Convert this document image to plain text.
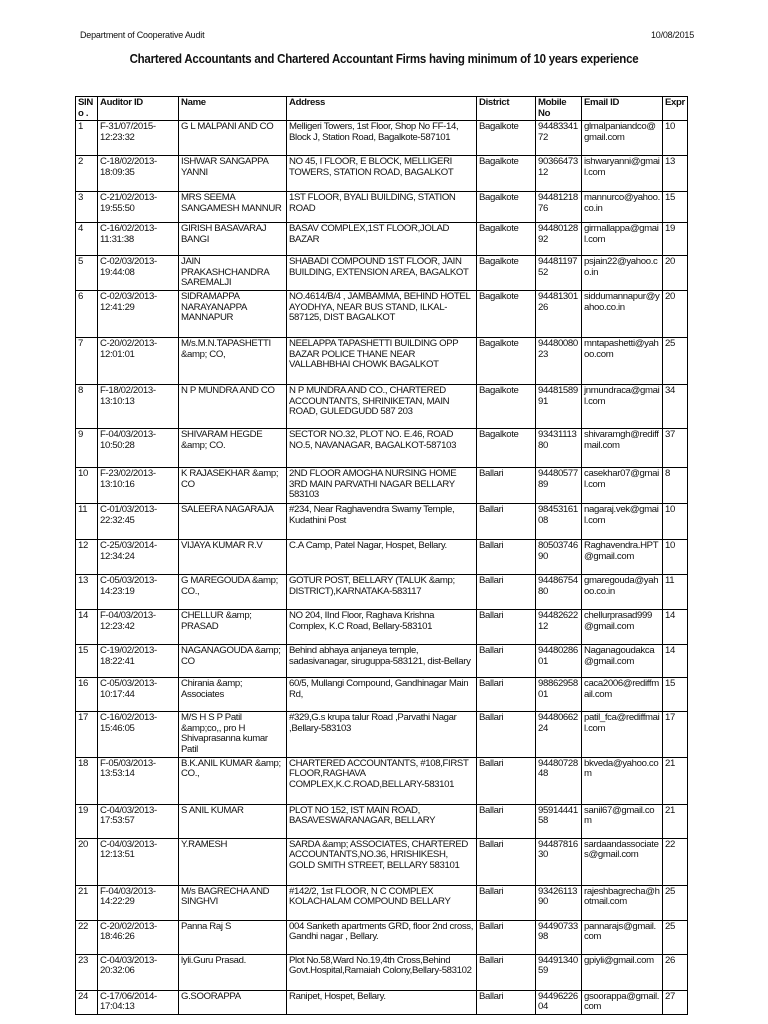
Department of Cooperative Audit	10/08/2015
Chartered Accountants and Chartered Accountant Firms having minimum of 10 years experience
SlNo .	Auditor ID	Name	Address	District	Mobile No	Email ID	Expr
1	F-31/07/2015-12:23:32	G L MALPANI AND CO	Melligeri Towers, 1st Floor, Shop No FF-14, Block J, Station Road, Bagalkote-587101	Bagalkote	9448334172	glmalpaniandco@gmail.com	10
2	C-18/02/2013-18:09:35	ISHWAR SANGAPPA YANNI	NO 45, I FLOOR, E BLOCK, MELLIGERI TOWERS, STATION ROAD, BAGALKOT	Bagalkote	9036647312	ishwaryanni@gmail.com	13
3	C-21/02/2013-19:55:50	MRS SEEMA SANGAMESH MANNUR	1ST FLOOR, BYALI BUILDING, STATION ROAD	Bagalkote	9448121876	mannurco@yahoo.co.in	15
4	C-16/02/2013-11:31:38	GIRISH BASAVARAJ BANGI	BASAV COMPLEX,1ST FLOOR,JOLAD BAZAR	Bagalkote	9448012892	girmallappa@gmail.com	19
5	C-02/03/2013-19:44:08	JAIN PRAKASHCHANDRA SAREMALJI	SHABADI COMPOUND 1ST FLOOR, JAIN BUILDING, EXTENSION AREA, BAGALKOT	Bagalkote	9448119752	psjain22@yahoo.co.in	20
6	C-02/03/2013-12:41:29	SIDRAMAPPA NARAYANAPPA MANNAPUR	NO.4614/B/4 , JAMBAMMA, BEHIND HOTEL AYODHYA, NEAR BUS STAND, ILKAL-587125, DIST BAGALKOT	Bagalkote	9448130126	siddumannapur@yahoo.co.in	20
7	C-20/02/2013-12:01:01	M/s.M.N.TAPASHETTI &amp; CO,	NEELAPPA TAPASHETTI BUILDING OPP BAZAR POLICE THANE NEAR VALLABHBHAI CHOWK BAGALKOT	Bagalkote	9448008023	mntapashetti@yahoo.com	25
8	F-18/02/2013-13:10:13	N P MUNDRA AND CO	N P MUNDRA AND CO., CHARTERED ACCOUNTANTS, SHRINIKETAN, MAIN ROAD, GULEDGUDD 587 203	Bagalkote	9448158991	jnmundraca@gmail.com	34
9	F-04/03/2013-10:50:28	SHIVARAM HEGDE &amp; CO.	SECTOR NO.32, PLOT NO. E.46, ROAD NO.5, NAVANAGAR, BAGALKOT-587103	Bagalkote	9343111380	shivaramgh@rediffmail.com	37
10	F-23/02/2013-13:10:16	K RAJASEKHAR &amp; CO	2ND FLOOR AMOGHA NURSING HOME 3RD MAIN PARVATHI NAGAR BELLARY 583103	Ballari	9448057789	casekhar07@gmail.com	8
11	C-01/03/2013-22:32:45	SALEERA NAGARAJA	#234, Near Raghavendra Swamy Temple, Kudathini Post	Ballari	9845316108	nagaraj.vek@gmail.com	10
12	C-25/03/2014-12:34:24	VIJAYA KUMAR R.V	C.A Camp, Patel Nagar, Hospet, Bellary.	Ballari	8050374690	Raghavendra.HPT@gmail.com	10
13	C-05/03/2013-14:23:19	G MAREGOUDA &amp; CO.,	GOTUR POST, BELLARY (TALUK &amp; DISTRICT),KARNATAKA-583117	Ballari	9448675480	gmaregouda@yahoo.co.in	11
14	F-04/03/2013-12:23:42	CHELLUR &amp; PRASAD	NO 204, IInd Floor, Raghava Krishna Complex, K.C Road, Bellary-583101	Ballari	9448262212	chellurprasad999@gmail.com	14
15	C-19/02/2013-18:22:41	NAGANAGOUDA &amp; CO	Behind abhaya anjaneya temple, sadasivanagar, siruguppa-583121, dist-Bellary	Ballari	9448028601	Naganagoudakca@gmail.com	14
16	C-05/03/2013-10:17:44	Chirania &amp; Associates	60/5, Mullangi Compound, Gandhinagar Main Rd,	Ballari	9886295801	caca2006@rediffmail.com	15
17	C-16/02/2013-15:46:05	M/S H S P Patil &amp;co,, pro H Shivaprasanna kumar Patil	#329,G.s krupa talur Road ,Parvathi Nagar ,Bellary-583103	Ballari	9448066224	patil_fca@rediffmail.com	17
18	F-05/03/2013-13:53:14	B.K.ANIL KUMAR &amp; CO.,	CHARTERED ACCOUNTANTS, #108,FIRST FLOOR,RAGHAVA COMPLEX,K.C.ROAD,BELLARY-583101	Ballari	9448072848	bkveda@yahoo.com	21
19	C-04/03/2013-17:53:57	S ANIL KUMAR	PLOT NO 152, IST MAIN ROAD, BASAVESWARANAGAR, BELLARY	Ballari	9591444158	sanil67@gmail.com	21
20	C-04/03/2013-12:13:51	Y.RAMESH	SARDA &amp; ASSOCIATES, CHARTERED ACCOUNTANTS,NO.36, HRISHIKESH, GOLD SMITH STREET, BELLARY 583101	Ballari	9448781630	sardaandassociates@gmail.com	22
21	F-04/03/2013-14:22:29	M/s BAGRECHA AND SINGHVI	#142/2, 1st FLOOR, N C COMPLEX KOLACHALAM COMPOUND BELLARY	Ballari	9342611390	rajeshbagrecha@hotmail.com	25
22	C-20/02/2013-18:46:26	Panna Raj S	004 Sanketh apartments GRD, floor 2nd cross, Gandhi nagar , Bellary.	Ballari	9449073398	pannarajs@gmail.com	25
23	C-04/03/2013-20:32:06	lyli.Guru Prasad.	Plot No.58,Ward No.19,4th Cross,Behind Govt.Hospital,Ramaiah Colony,Bellary-583102	Ballari	9449134059	gpiyli@gmail.com	26
24	C-17/06/2014-17:04:13	G.SOORAPPA	Ranipet, Hospet, Bellary.	Ballari	9449622604	gsoorappa@gmail.com	27
